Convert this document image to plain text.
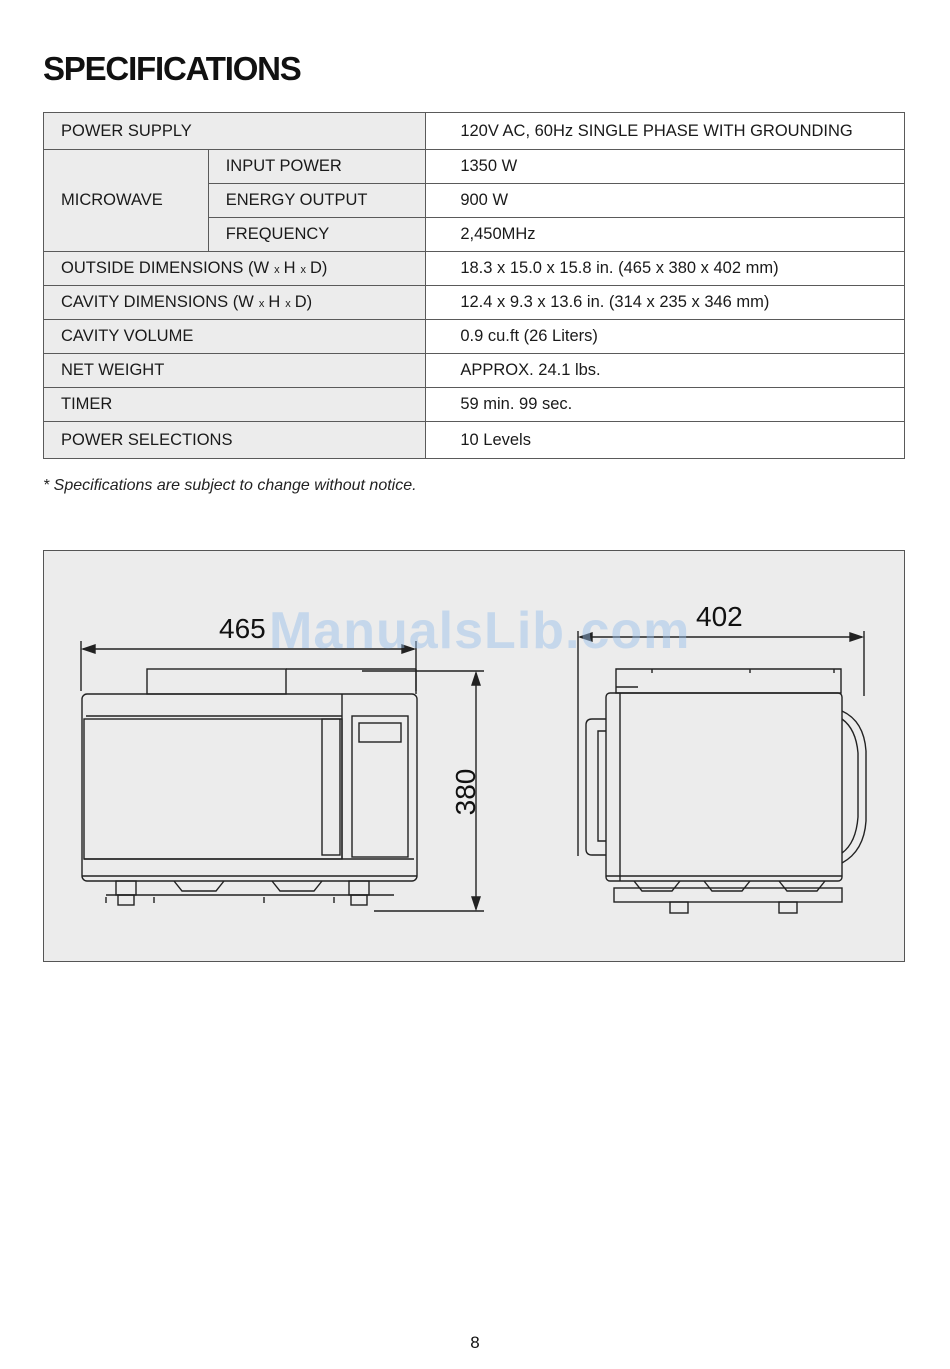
SPECIFICATIONS
POWER SUPPLY		120V AC, 60Hz SINGLE PHASE WITH GROUNDING
MICROWAVE	INPUT POWER	1350 W
	ENERGY OUTPUT	900 W
	FREQUENCY	2,450MHz
OUTSIDE DIMENSIONS (W x H x D)		18.3 x 15.0 x 15.8 in. (465 x 380 x 402 mm)
CAVITY DIMENSIONS (W x H x D)		12.4 x 9.3 x 13.6 in. (314 x 235 x 346 mm)
CAVITY VOLUME		0.9 cu.ft (26 Liters)
NET WEIGHT		APPROX. 24.1 lbs.
TIMER		59 min. 99 sec.
POWER SELECTIONS		10 Levels
* Specifications are subject to change without notice.
465	402
380
ManualsLib.com
8
